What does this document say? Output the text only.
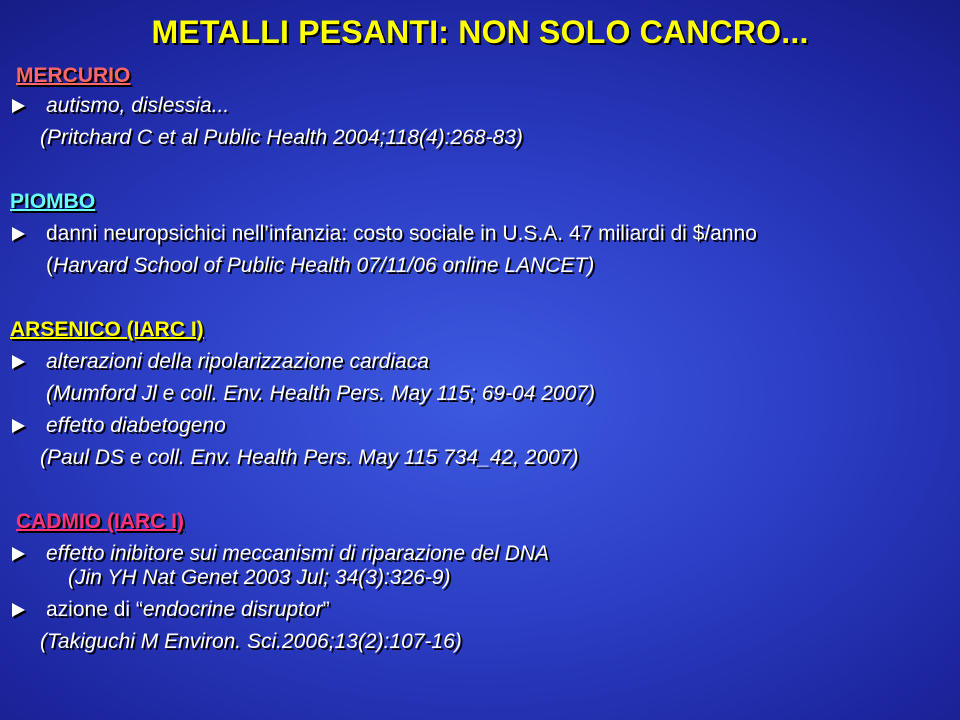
METALLI PESANTI: NON SOLO CANCRO...
MERCURIO
autismo, dislessia...
(Pritchard C et al Public Health 2004;118(4):268-83)
PIOMBO
danni neuropsichici nell’infanzia: costo sociale in U.S.A. 47 miliardi di $/anno
(Harvard School of Public Health 07/11/06 online LANCET)
ARSENICO (IARC I)
alterazioni della ripolarizzazione cardiaca
(Mumford Jl e coll. Env. Health Pers. May 115; 69-04 2007)
effetto diabetogeno
(Paul DS e coll. Env. Health Pers. May 115 734_42, 2007)
CADMIO (IARC I)
effetto inibitore sui meccanismi di riparazione del DNA
(Jin YH Nat Genet 2003 Jul; 34(3):326-9)
azione di “endocrine disruptor”
(Takiguchi M Environ. Sci.2006;13(2):107-16)
